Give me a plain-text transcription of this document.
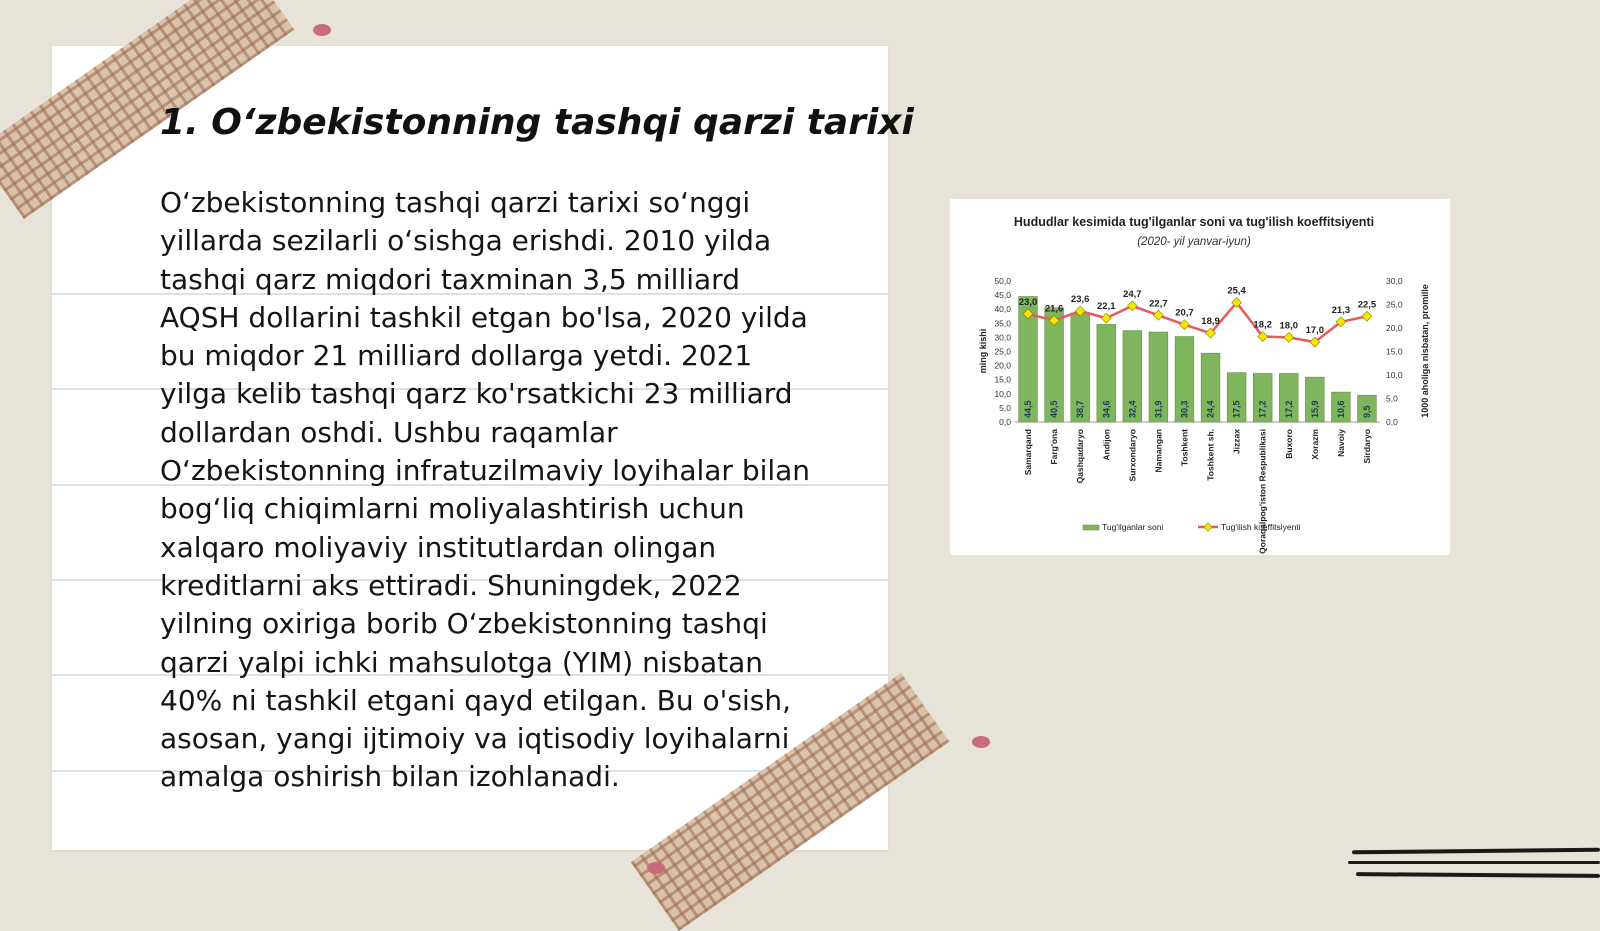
1. O‘zbekistonning tashqi qarzi tarixi

O‘zbekistonning tashqi qarzi tarixi so‘nggi yillarda sezilarli o‘sishga erishdi. 2010 yilda tashqi qarz miqdori taxminan 3,5 milliard AQSH dollarini tashkil etgan bo'lsa, 2020 yilda bu miqdor 21 milliard dollarga yetdi. 2021 yilga kelib tashqi qarz ko'rsatkichi 23 milliard dollardan oshdi. Ushbu raqamlar O‘zbekistonning infratuzilmaviy loyihalar bilan bog‘liq chiqimlarni moliyalashtirish uchun xalqaro moliyaviy institutlardan olingan kreditlarni aks ettiradi. Shuningdek, 2022 yilning oxiriga borib O‘zbekistonning tashqi qarzi yalpi ichki mahsulotga (YIM) nisbatan 40% ni tashkil etgani qayd etilgan. Bu o'sish, asosan, yangi ijtimoiy va iqtisodiy loyihalarni amalga oshirish bilan izohlanadi.

Hududlar kesimida tug'ilganlar soni va tug'ilish koeffitsiyenti
(2020- yil yanvar-iyun)
ming kishi	1000 aholiga nisbatan, promille
0,0
5,0
10,0
15,0
20,0
25,0
30,0
35,0
40,0
45,0
50,0
0,0
5,0
10,0
15,0
20,0
25,0
30,0
44,5
Samarqand
40,5
Farg'ona
38,7
Qashqadaryo
34,6
Andijon
32,4
Surxondaryo
31,9
Namangan
30,3
Toshkent
24,4
Toshkent sh.
17,5
Jizzax
17,2
Qoraqalpog'iston Respublikasi
17,2
Buxoro
15,9
Xorazm
10,6
Navoiy
9,5
Sirdaryo
23,0
21,6
23,6
22,1
24,7
22,7
20,7
18,9
25,4
18,2 18,0 17,0
21,3
22,5
Tug'ilganlar soni	Tug'ilish koeffitsiyenti
